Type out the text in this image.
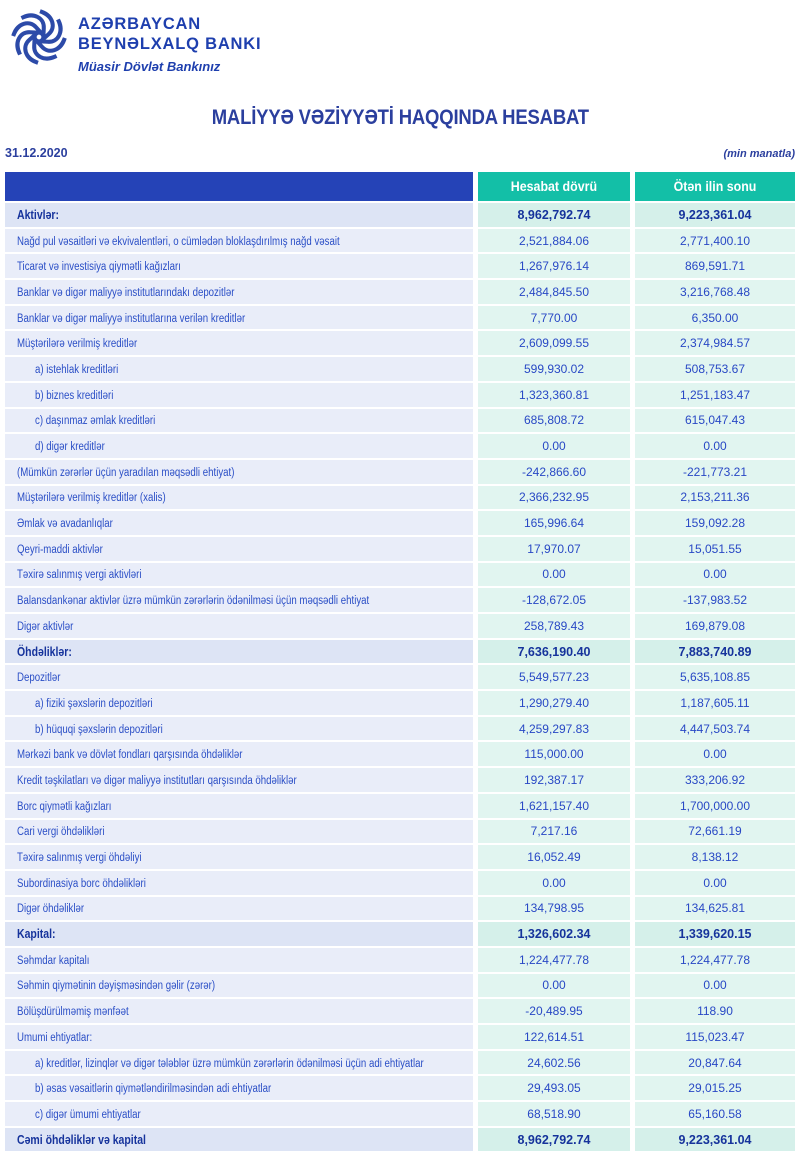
AZƏRBAYCAN
BEYNƏLXALQ BANKI
Müasir Dövlət Bankınız
MALİYYƏ VƏZİYYƏTİ HAQQINDA HESABAT
31.12.2020	(min manatla)
	Hesabat dövrü	Ötən ilin sonu
Aktivlər:	8,962,792.74	9,223,361.04
Nağd pul vəsaitləri və ekvivalentləri, o cümlədən bloklaşdırılmış nağd vəsait	2,521,884.06	2,771,400.10
Ticarət və investisiya qiymətli kağızları	1,267,976.14	869,591.71
Banklar və digər maliyyə institutlarındakı depozitlər	2,484,845.50	3,216,768.48
Banklar və digər maliyyə institutlarına verilən kreditlər	7,770.00	6,350.00
Müştərilərə verilmiş kreditlər	2,609,099.55	2,374,984.57
a) istehlak kreditləri	599,930.02	508,753.67
b) biznes kreditləri	1,323,360.81	1,251,183.47
c) daşınmaz əmlak kreditləri	685,808.72	615,047.43
d) digər kreditlər	0.00	0.00
(Mümkün zərərlər üçün yaradılan məqsədli ehtiyat)	-242,866.60	-221,773.21
Müştərilərə verilmiş kreditlər (xalis)	2,366,232.95	2,153,211.36
Əmlak və avadanlıqlar	165,996.64	159,092.28
Qeyri-maddi aktivlər	17,970.07	15,051.55
Təxirə salınmış vergi aktivləri	0.00	0.00
Balansdankənar aktivlər üzrə mümkün zərərlərin ödənilməsi üçün məqsədli ehtiyat	-128,672.05	-137,983.52
Digər aktivlər	258,789.43	169,879.08
Öhdəliklər:	7,636,190.40	7,883,740.89
Depozitlər	5,549,577.23	5,635,108.85
a) fiziki şəxslərin depozitləri	1,290,279.40	1,187,605.11
b) hüquqi şəxslərin depozitləri	4,259,297.83	4,447,503.74
Mərkəzi bank və dövlət fondları qarşısında öhdəliklər	115,000.00	0.00
Kredit təşkilatları və digər maliyyə institutları qarşısında öhdəliklər	192,387.17	333,206.92
Borc qiymətli kağızları	1,621,157.40	1,700,000.00
Cari vergi öhdəlikləri	7,217.16	72,661.19
Təxirə salınmış vergi öhdəliyi	16,052.49	8,138.12
Subordinasiya borc öhdəlikləri	0.00	0.00
Digər öhdəliklər	134,798.95	134,625.81
Kapital:	1,326,602.34	1,339,620.15
Səhmdar kapitalı	1,224,477.78	1,224,477.78
Səhmin qiymətinin dəyişməsindən gəlir (zərər)	0.00	0.00
Bölüşdürülməmiş mənfəət	-20,489.95	118.90
Ümumi ehtiyatlar:	122,614.51	115,023.47
a) kreditlər, lizinqlər və digər tələblər üzrə mümkün zərərlərin ödənilməsi üçün adi ehtiyatlar	24,602.56	20,847.64
b) əsas vəsaitlərin qiymətləndirilməsindən adi ehtiyatlar	29,493.05	29,015.25
c) digər ümumi ehtiyatlar	68,518.90	65,160.58
Cəmi öhdəliklər və kapital	8,962,792.74	9,223,361.04
